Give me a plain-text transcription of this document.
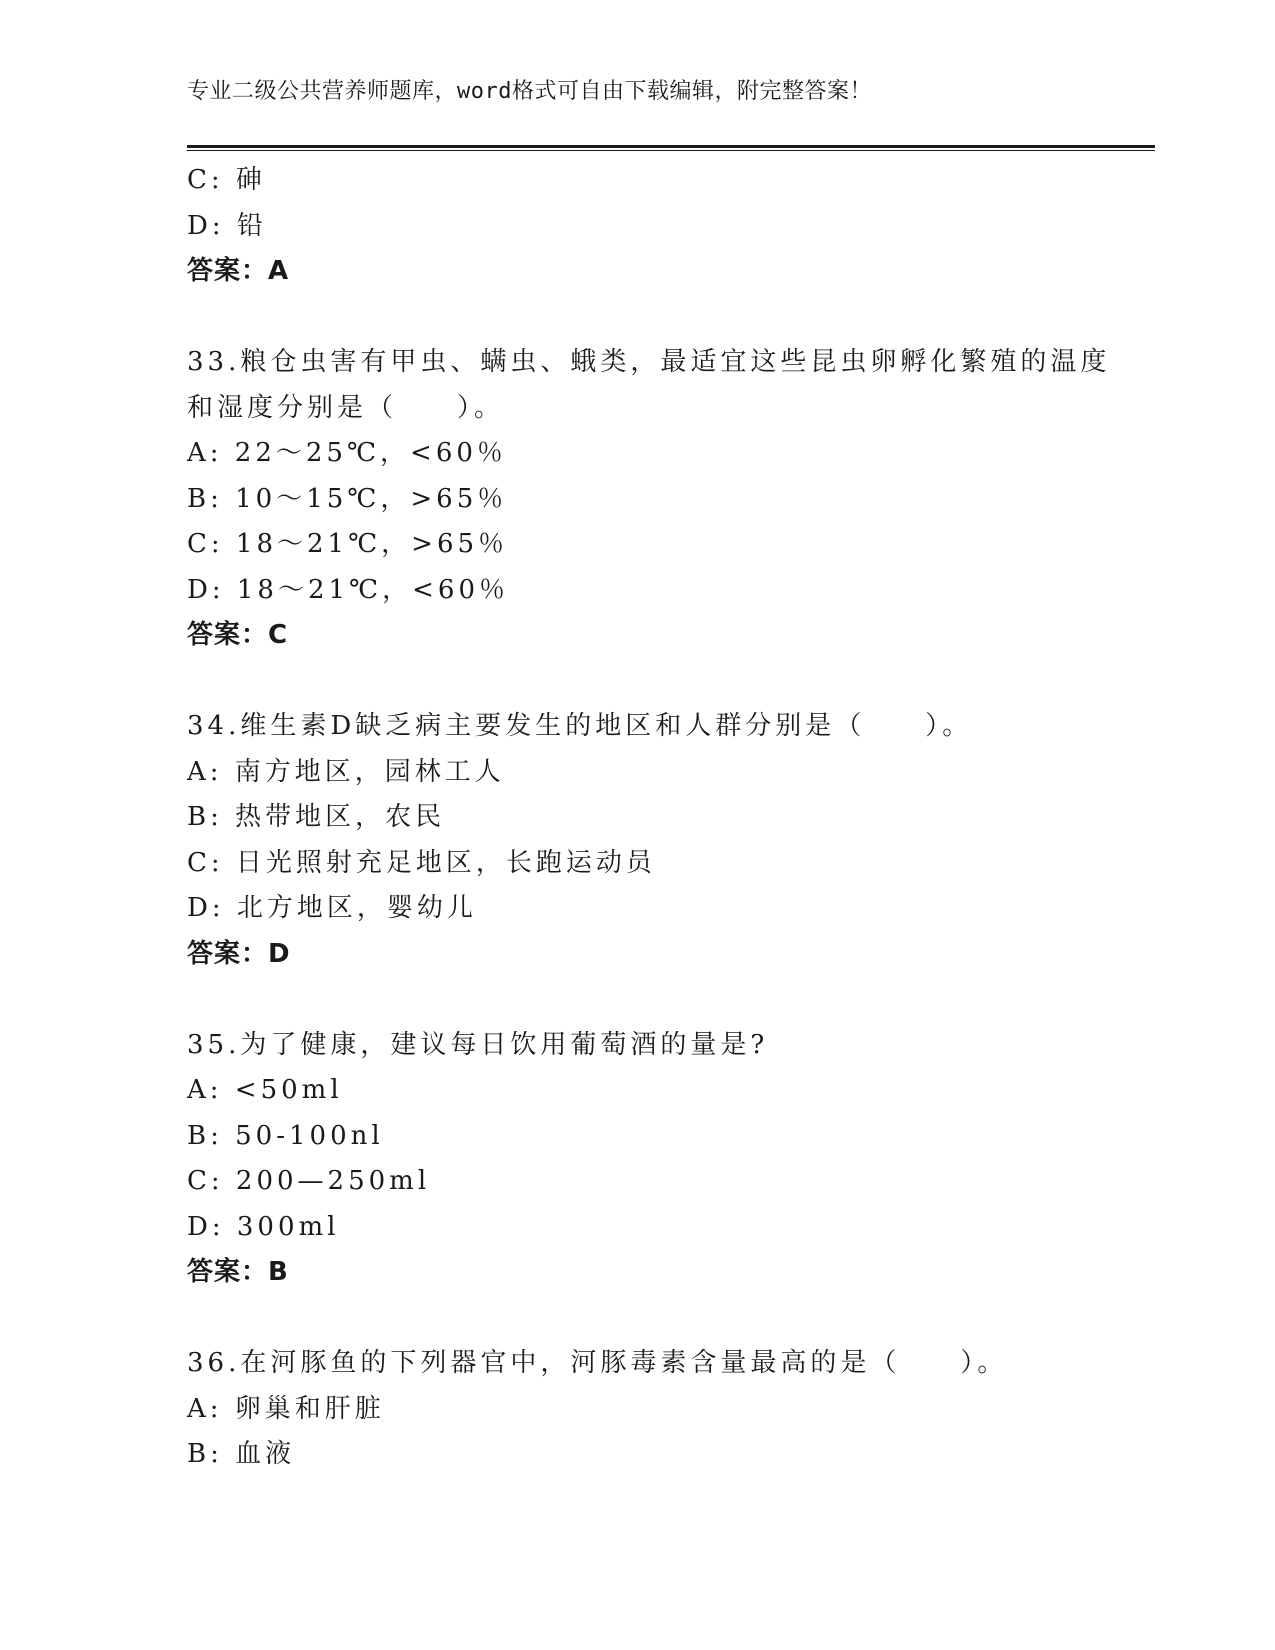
专业二级公共营养师题库，word格式可自由下载编辑，附完整答案！
C: 砷
D: 铅
答案：A
33.粮仓虫害有甲虫、螨虫、蛾类，最适宜这些昆虫卵孵化繁殖的温度
和湿度分别是（　　）。
A: 22～25℃，<60％
B: 10～15℃，>65％
C: 18～21℃，>65％
D: 18～21℃，<60％
答案：C
34.维生素D缺乏病主要发生的地区和人群分别是（　　）。
A: 南方地区，园林工人
B: 热带地区，农民
C: 日光照射充足地区，长跑运动员
D: 北方地区，婴幼儿
答案：D
35.为了健康，建议每日饮用葡萄酒的量是?
A: <50ml
B: 50-100nl
C: 200—250ml
D: 300ml
答案：B
36.在河豚鱼的下列器官中，河豚毒素含量最高的是（　　）。
A: 卵巢和肝脏
B: 血液
